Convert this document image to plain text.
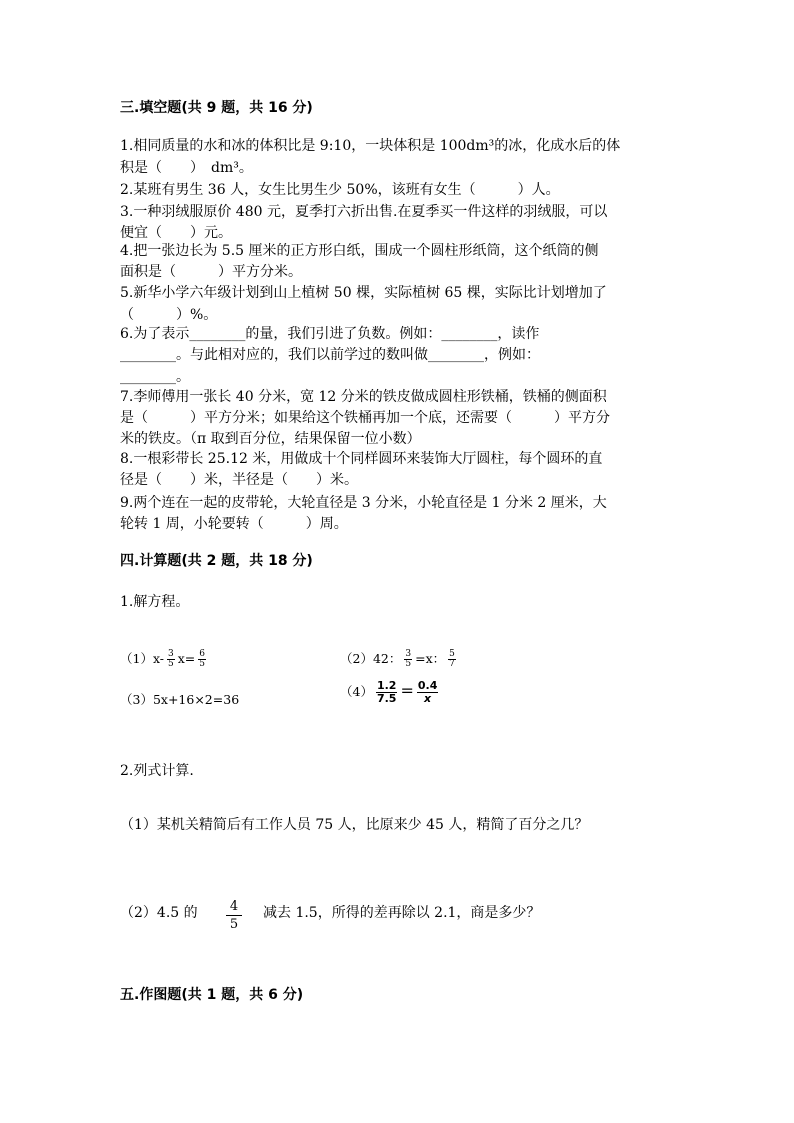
三.填空题(共 9 题，共 16 分)
1.相同质量的水和冰的体积比是 9:10，一块体积是 100dm³的冰，化成水后的体
积是（　　）　dm³。
2.某班有男生 36 人，女生比男生少 50%，该班有女生（　　　）人。
3.一种羽绒服原价 480 元，夏季打六折出售.在夏季买一件这样的羽绒服，可以
便宜（　　）元。
4.把一张边长为 5.5 厘米的正方形白纸，围成一个圆柱形纸筒，这个纸筒的侧
面积是（　　　）平方分米。
5.新华小学六年级计划到山上植树 50 棵，实际植树 65 棵，实际比计划增加了
（　　　）%。
6.为了表示________的量，我们引进了负数。例如：________，读作
________。与此相对应的，我们以前学过的数叫做________，例如：
________。
7.李师傅用一张长 40 分米，宽 12 分米的铁皮做成圆柱形铁桶，铁桶的侧面积
是（　　　）平方分米；如果给这个铁桶再加一个底，还需要（　　　）平方分
米的铁皮。（π 取到百分位，结果保留一位小数）
8.一根彩带长 25.12 米，用做成十个同样圆环来装饰大厅圆柱，每个圆环的直
径是（　　）米，半径是（　　）米。
9.两个连在一起的皮带轮，大轮直径是 3 分米，小轮直径是 1 分米 2 厘米，大
轮转 1 周，小轮要转（　　　）周。
四.计算题(共 2 题，共 18 分)
1.解方程。
$(1)x- \frac{3}{5} x= \frac{6}{5}$	（2）42： $\frac{3}{5} =x$： $\frac{5}{7}$
（3）5x+16×2=36
$(4) \frac{1.2}{7.5} = \frac{0.4}{x}$
2.列式计算.
（1）某机关精简后有工作人员 75 人，比原来少 45 人，精简了百分之几？
（2）4.5 的 4
5
减去 1.5，所得的差再除以 2.1，商是多少？
五.作图题(共 1 题，共 6 分)
